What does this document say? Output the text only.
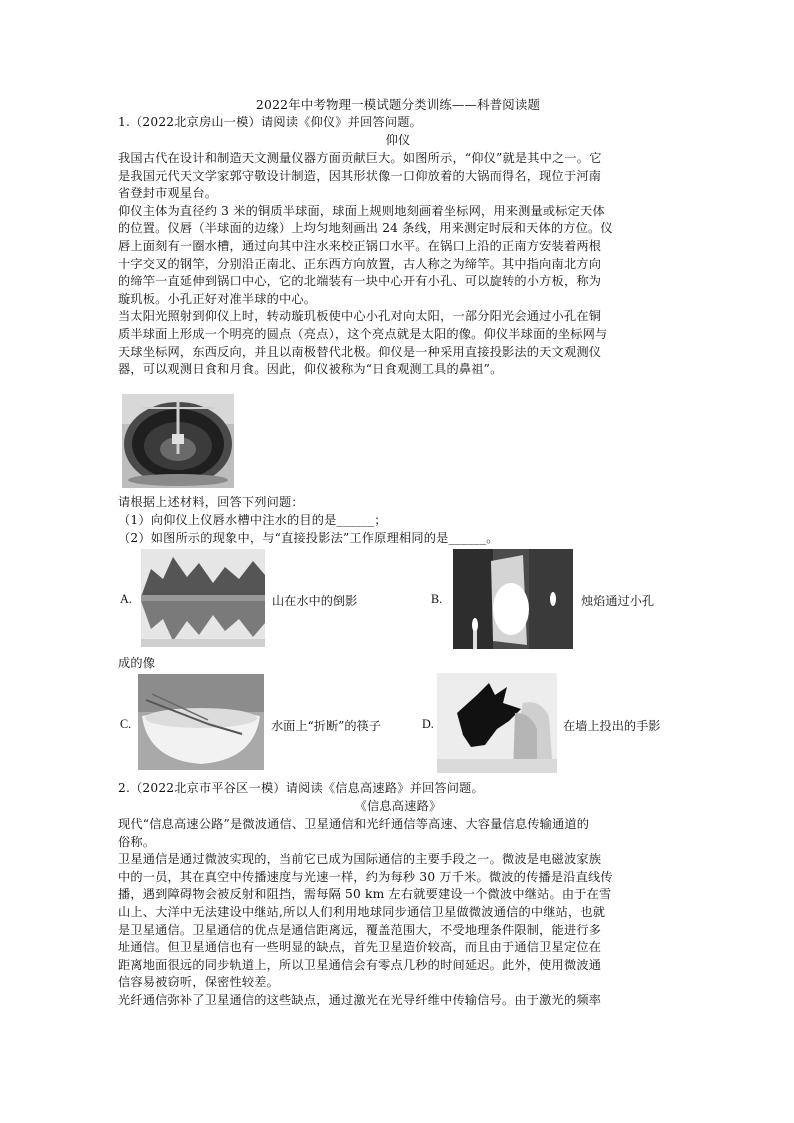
2022年中考物理一模试题分类训练——科普阅读题
1.（2022北京房山一模）请阅读《仰仪》并回答问题。
仰仪
我国古代在设计和制造天文测量仪器方面贡献巨大。如图所示，“仰仪”就是其中之一。它
是我国元代天文学家郭守敬设计制造，因其形状像一口仰放着的大锅而得名，现位于河南
省登封市观星台。
仰仪主体为直径约 3 米的铜质半球面，球面上规则地刻画着坐标网，用来测量或标定天体
的位置。仪唇（半球面的边缘）上均匀地刻画出 24 条线，用来测定时辰和天体的方位。仪
唇上面刻有一圈水槽，通过向其中注水来校正锅口水平。在锅口上沿的正南方安装着两根
十字交叉的钢竿，分别沿正南北、正东西方向放置，古人称之为缔竿。其中指向南北方向
的缔竿一直延伸到锅口中心，它的北端装有一块中心开有小孔、可以旋转的小方板，称为
璇玑板。小孔正好对准半球的中心。
当太阳光照射到仰仪上时，转动璇玑板使中心小孔对向太阳，一部分阳光会通过小孔在铜
质半球面上形成一个明亮的圆点（亮点），这个亮点就是太阳的像。仰仪半球面的坐标网与
天球坐标网，东西反向，并且以南极替代北极。仰仪是一种采用直接投影法的天文观测仪
器，可以观测日食和月食。因此，仰仪被称为“日食观测工具的鼻祖”。
请根据上述材料，回答下列问题：
（1）向仰仪上仪唇水槽中注水的目的是______；
（2）如图所示的现象中，与“直接投影法”工作原理相同的是______。
A.	山在水中的倒影	B.	烛焰通过小孔
成的像
C.	水面上“折断”的筷子	D.	在墙上投出的手影
2.（2022北京市平谷区一模）请阅读《信息高速路》并回答问题。
《信息高速路》
现代“信息高速公路”是微波通信、卫星通信和光纤通信等高速、大容量信息传输通道的
俗称。
卫星通信是通过微波实现的，当前它已成为国际通信的主要手段之一。微波是电磁波家族
中的一员，其在真空中传播速度与光速一样，约为每秒 30 万千米。微波的传播是沿直线传
播，遇到障碍物会被反射和阻挡，需每隔 50 km 左右就要建设一个微波中继站。由于在雪
山上、大洋中无法建设中继站,所以人们利用地球同步通信卫星做微波通信的中继站，也就
是卫星通信。卫星通信的优点是通信距离远，覆盖范围大，不受地理条件限制，能进行多
址通信。但卫星通信也有一些明显的缺点，首先卫星造价较高，而且由于通信卫星定位在
距离地面很远的同步轨道上，所以卫星通信会有零点几秒的时间延迟。此外，使用微波通
信容易被窃听，保密性较差。
光纤通信弥补了卫星通信的这些缺点，通过激光在光导纤维中传输信号。由于激光的频率
